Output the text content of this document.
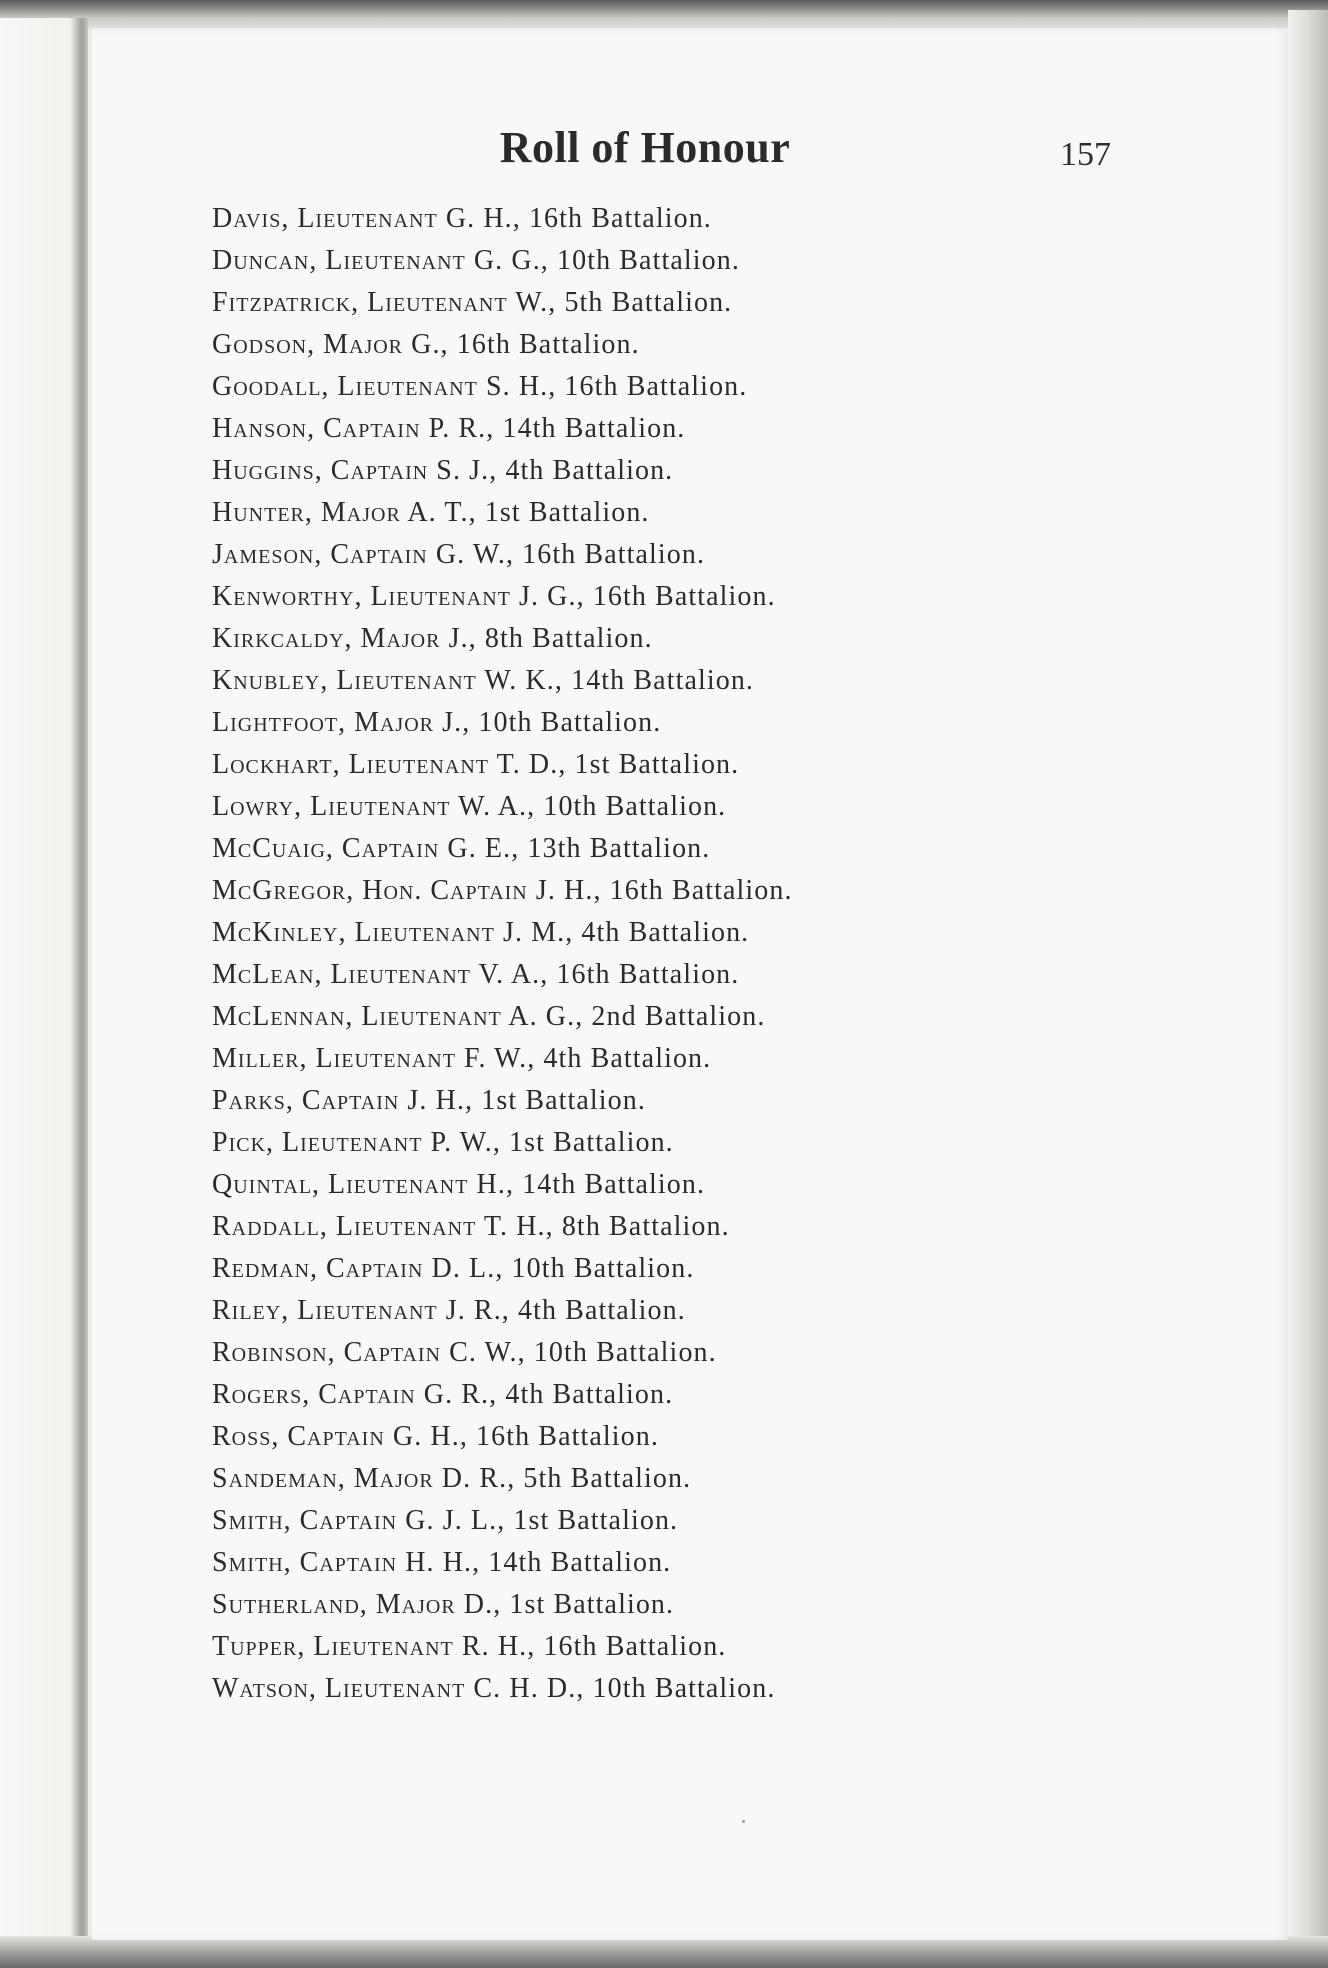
Roll of Honour	157
Davis, Lieutenant G. H., 16th Battalion.
Duncan, Lieutenant G. G., 10th Battalion.
Fitzpatrick, Lieutenant W., 5th Battalion.
Godson, Major G., 16th Battalion.
Goodall, Lieutenant S. H., 16th Battalion.
Hanson, Captain P. R., 14th Battalion.
Huggins, Captain S. J., 4th Battalion.
Hunter, Major A. T., 1st Battalion.
Jameson, Captain G. W., 16th Battalion.
Kenworthy, Lieutenant J. G., 16th Battalion.
Kirkcaldy, Major J., 8th Battalion.
Knubley, Lieutenant W. K., 14th Battalion.
Lightfoot, Major J., 10th Battalion.
Lockhart, Lieutenant T. D., 1st Battalion.
Lowry, Lieutenant W. A., 10th Battalion.
McCuaig, Captain G. E., 13th Battalion.
McGregor, Hon. Captain J. H., 16th Battalion.
McKinley, Lieutenant J. M., 4th Battalion.
McLean, Lieutenant V. A., 16th Battalion.
McLennan, Lieutenant A. G., 2nd Battalion.
Miller, Lieutenant F. W., 4th Battalion.
Parks, Captain J. H., 1st Battalion.
Pick, Lieutenant P. W., 1st Battalion.
Quintal, Lieutenant H., 14th Battalion.
Raddall, Lieutenant T. H., 8th Battalion.
Redman, Captain D. L., 10th Battalion.
Riley, Lieutenant J. R., 4th Battalion.
Robinson, Captain C. W., 10th Battalion.
Rogers, Captain G. R., 4th Battalion.
Ross, Captain G. H., 16th Battalion.
Sandeman, Major D. R., 5th Battalion.
Smith, Captain G. J. L., 1st Battalion.
Smith, Captain H. H., 14th Battalion.
Sutherland, Major D., 1st Battalion.
Tupper, Lieutenant R. H., 16th Battalion.
Watson, Lieutenant C. H. D., 10th Battalion.
